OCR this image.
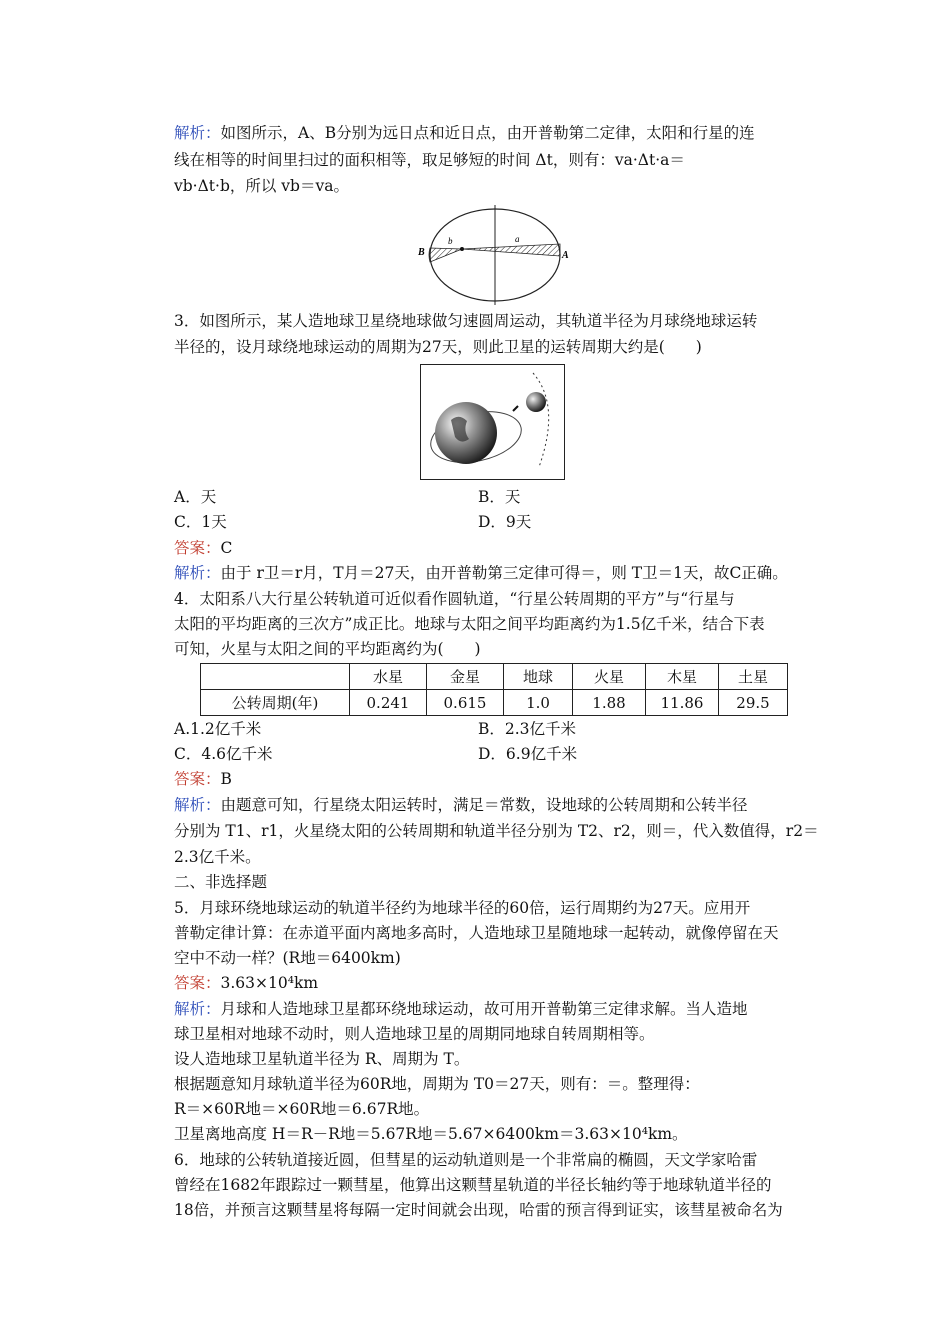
解析：如图所示，A、B分别为远日点和近日点，由开普勒第二定律，太阳和行星的连
线在相等的时间里扫过的面积相等，取足够短的时间 Δt，则有：va·Δt·a＝
vb·Δt·b，所以 vb＝va。
B
b	a
A
3．如图所示，某人造地球卫星绕地球做匀速圆周运动，其轨道半径为月球绕地球运转
半径的，设月球绕地球运动的周期为27天，则此卫星的运转周期大约是(　　)
A．天	B．天
C．1天	D．9天
答案：C
解析：由于 r卫＝r月，T月＝27天，由开普勒第三定律可得＝，则 T卫＝1天，故C正确。
4．太阳系八大行星公转轨道可近似看作圆轨道，“行星公转周期的平方”与“行星与
太阳的平均距离的三次方”成正比。地球与太阳之间平均距离约为1.5亿千米，结合下表
可知，火星与太阳之间的平均距离约为(　　)
	水星	金星	地球	火星	木星	土星
公转周期(年)	0.241	0.615	1.0	1.88	11.86	29.5
A.1.2亿千米	B．2.3亿千米
C．4.6亿千米	D．6.9亿千米
答案：B
解析：由题意可知，行星绕太阳运转时，满足＝常数，设地球的公转周期和公转半径
分别为 T1、r1，火星绕太阳的公转周期和轨道半径分别为 T2、r2，则＝，代入数值得，r2＝
2.3亿千米。
二、非选择题
5．月球环绕地球运动的轨道半径约为地球半径的60倍，运行周期约为27天。应用开
普勒定律计算：在赤道平面内离地多高时，人造地球卫星随地球一起转动，就像停留在天
空中不动一样？(R地＝6400km)
答案：3.63×10⁴km
解析：月球和人造地球卫星都环绕地球运动，故可用开普勒第三定律求解。当人造地
球卫星相对地球不动时，则人造地球卫星的周期同地球自转周期相等。
设人造地球卫星轨道半径为 R、周期为 T。
根据题意知月球轨道半径为60R地，周期为 T0＝27天，则有：＝。整理得：
R＝×60R地＝×60R地＝6.67R地。
卫星离地高度 H＝R－R地＝5.67R地＝5.67×6400km＝3.63×10⁴km。
6．地球的公转轨道接近圆，但彗星的运动轨道则是一个非常扁的椭圆，天文学家哈雷
曾经在1682年跟踪过一颗彗星，他算出这颗彗星轨道的半径长轴约等于地球轨道半径的
18倍，并预言这颗彗星将每隔一定时间就会出现，哈雷的预言得到证实，该彗星被命名为
